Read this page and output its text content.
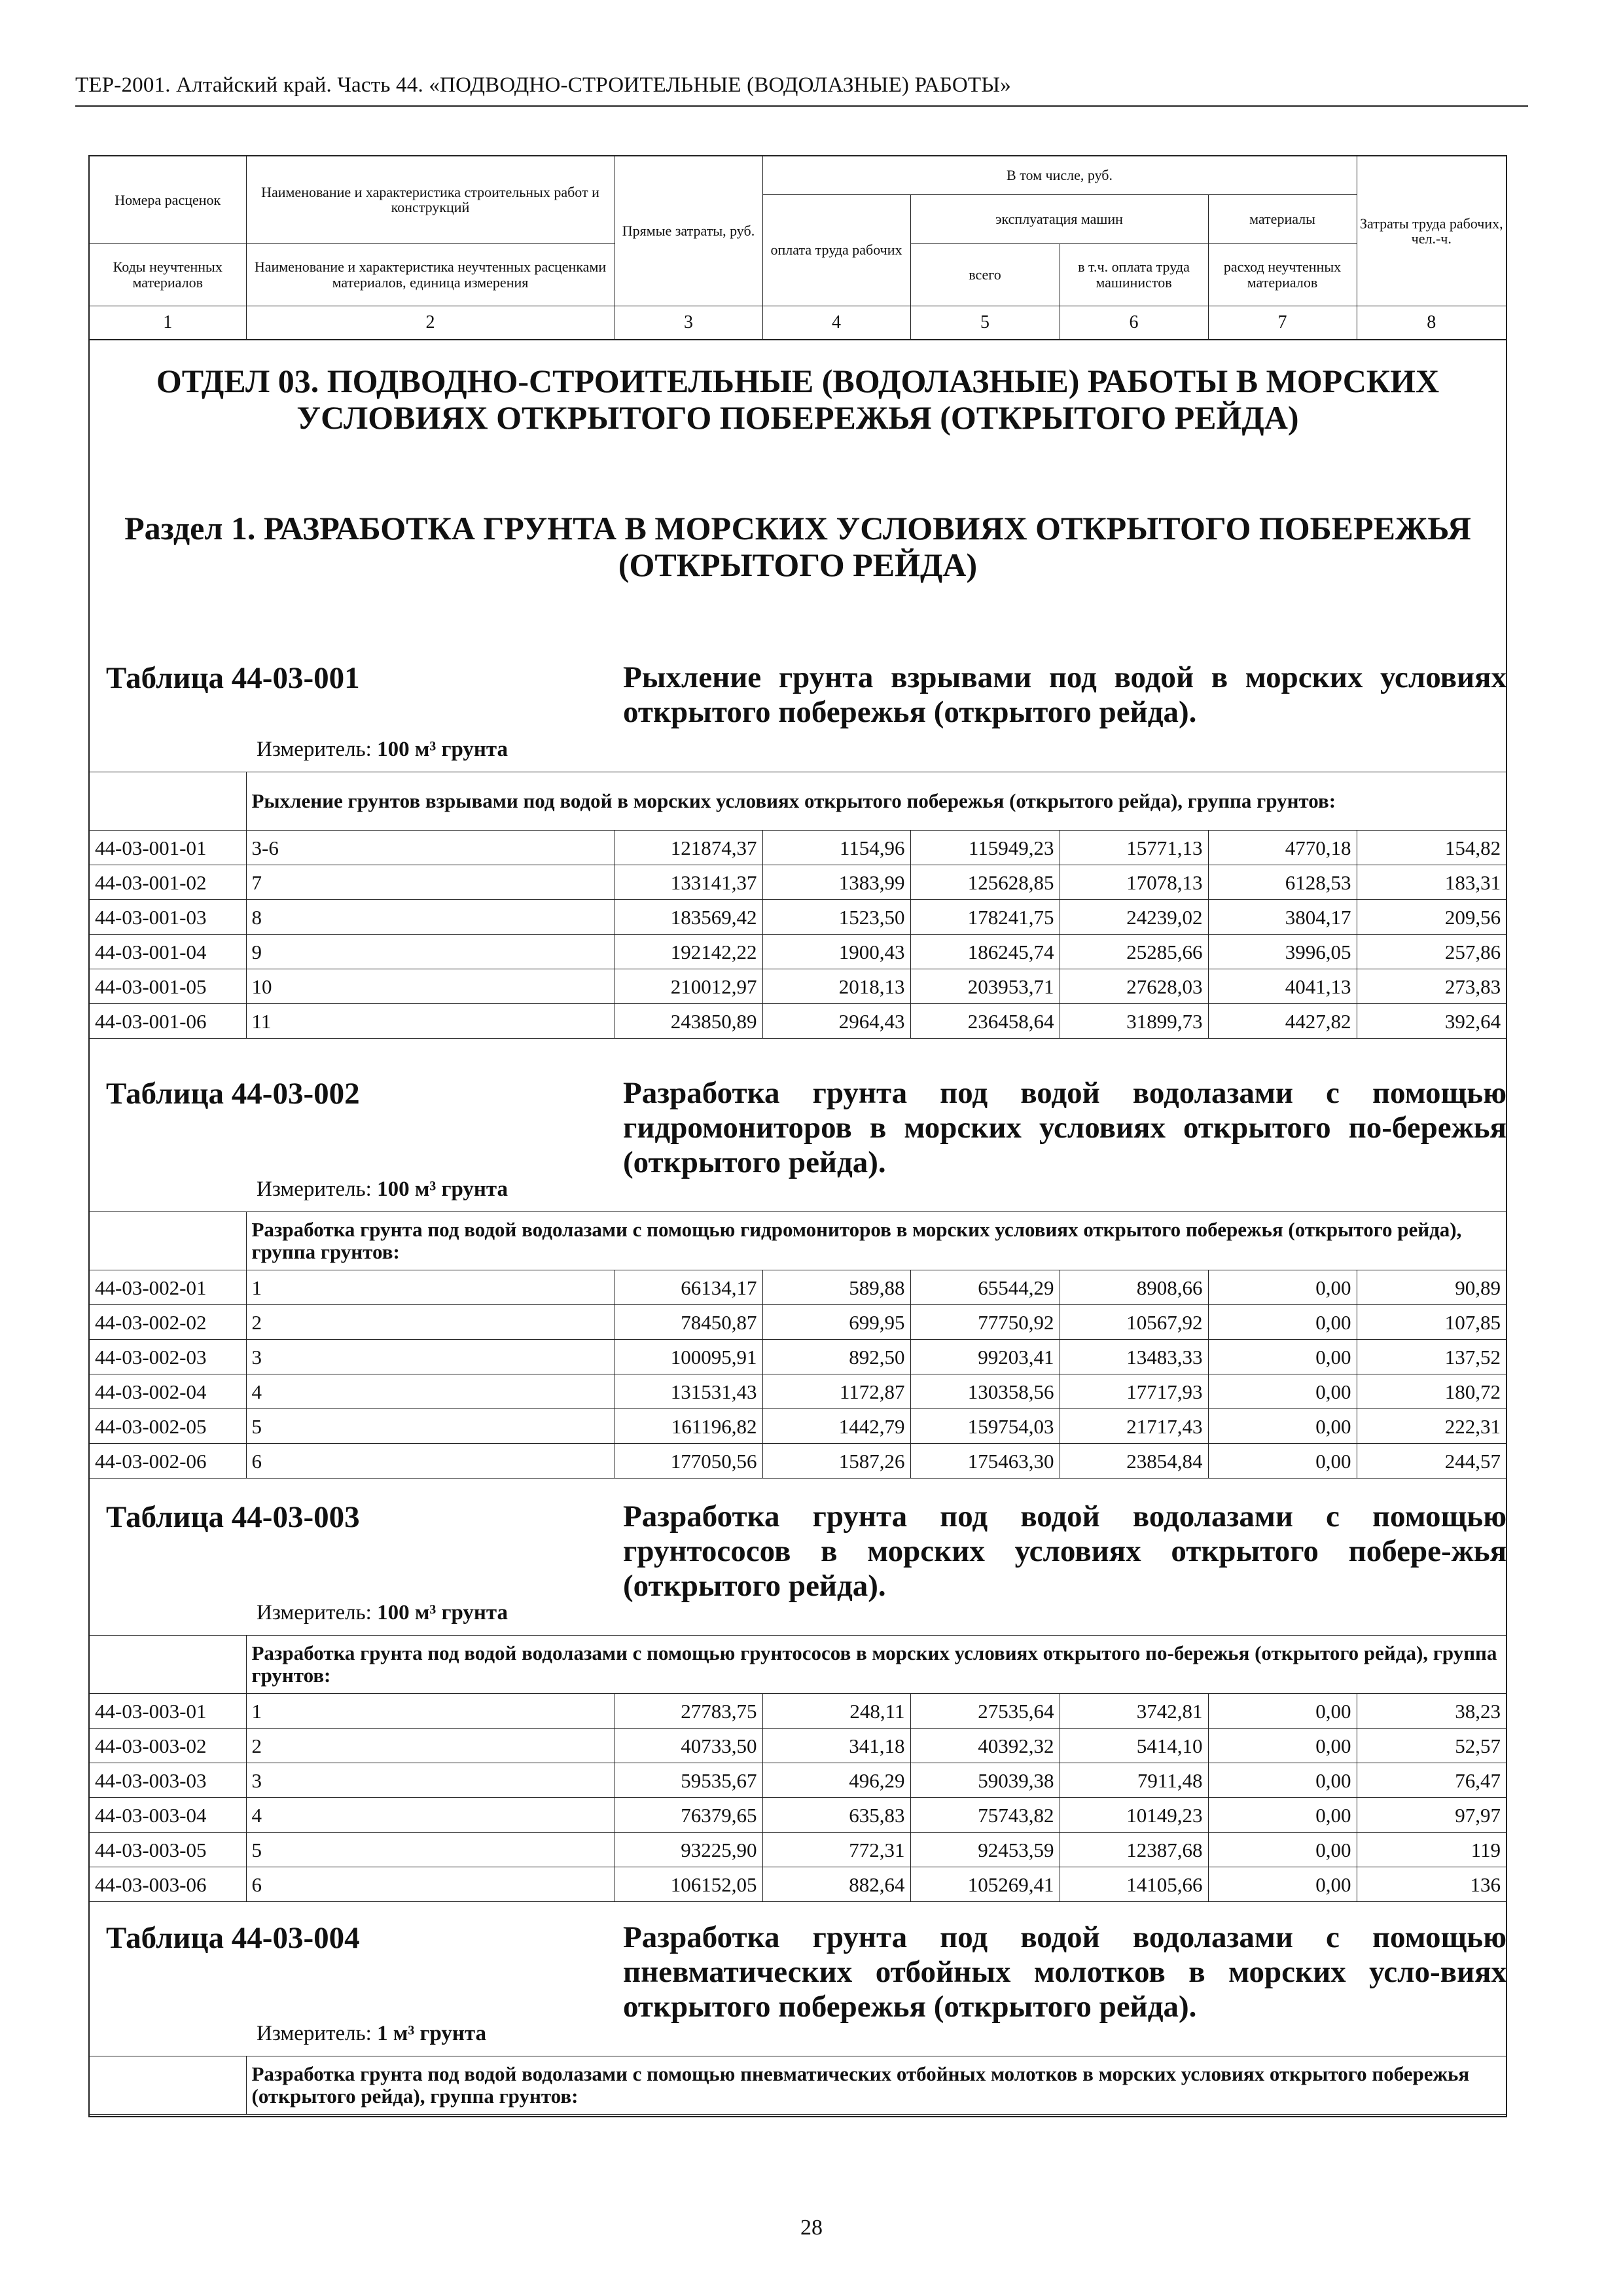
ТЕР-2001. Алтайский край. Часть 44. «ПОДВОДНО-СТРОИТЕЛЬНЫЕ (ВОДОЛАЗНЫЕ) РАБОТЫ»
Номера расценок	Наименование и характеристика строительных работ и конструкций	Прямые затраты, руб.	В том числе, руб.				Затраты труда рабочих, чел.-ч.
			оплата труда рабочих	эксплуатация машин		материалы	
Коды неучтенных материалов	Наименование и характеристика неучтенных расценками материалов, единица измерения			всего	в т.ч. оплата труда машинистов	расход неучтенных материалов	
1	2	3	4	5	6	7	8
ОТДЕЛ 03. ПОДВОДНО-СТРОИТЕЛЬНЫЕ (ВОДОЛАЗНЫЕ) РАБОТЫ В МОРСКИХ УСЛОВИЯХ ОТКРЫТОГО ПОБЕРЕЖЬЯ (ОТКРЫТОГО РЕЙДА)
Раздел 1. РАЗРАБОТКА ГРУНТА В МОРСКИХ УСЛОВИЯХ ОТКРЫТОГО ПОБЕРЕЖЬЯ (ОТКРЫТОГО РЕЙДА)
Таблица 44-03-001	Рыхление грунта взрывами под водой в морских условиях открытого побережья (открытого рейда).
Измеритель: 100 м³ грунта
	Рыхление грунтов взрывами под водой в морских условиях открытого побережья (открытого рейда), группа грунтов:						
44-03-001-01	3-6	121874,37	1154,96	115949,23	15771,13	4770,18	154,82
44-03-001-02	7	133141,37	1383,99	125628,85	17078,13	6128,53	183,31
44-03-001-03	8	183569,42	1523,50	178241,75	24239,02	3804,17	209,56
44-03-001-04	9	192142,22	1900,43	186245,74	25285,66	3996,05	257,86
44-03-001-05	10	210012,97	2018,13	203953,71	27628,03	4041,13	273,83
44-03-001-06	11	243850,89	2964,43	236458,64	31899,73	4427,82	392,64
Таблица 44-03-002	Разработка грунта под водой водолазами с помощью гидромониторов в морских условиях открытого по-бережья (открытого рейда).
Измеритель: 100 м³ грунта
	Разработка грунта под водой водолазами с помощью гидромониторов в морских условиях открытого побережья (открытого рейда), группа грунтов:						
44-03-002-01	1	66134,17	589,88	65544,29	8908,66	0,00	90,89
44-03-002-02	2	78450,87	699,95	77750,92	10567,92	0,00	107,85
44-03-002-03	3	100095,91	892,50	99203,41	13483,33	0,00	137,52
44-03-002-04	4	131531,43	1172,87	130358,56	17717,93	0,00	180,72
44-03-002-05	5	161196,82	1442,79	159754,03	21717,43	0,00	222,31
44-03-002-06	6	177050,56	1587,26	175463,30	23854,84	0,00	244,57
Таблица 44-03-003	Разработка грунта под водой водолазами с помощью грунтососов в морских условиях открытого побере-жья (открытого рейда).
Измеритель: 100 м³ грунта
	Разработка грунта под водой водолазами с помощью грунтососов в морских условиях открытого по-бережья (открытого рейда), группа грунтов:						
44-03-003-01	1	27783,75	248,11	27535,64	3742,81	0,00	38,23
44-03-003-02	2	40733,50	341,18	40392,32	5414,10	0,00	52,57
44-03-003-03	3	59535,67	496,29	59039,38	7911,48	0,00	76,47
44-03-003-04	4	76379,65	635,83	75743,82	10149,23	0,00	97,97
44-03-003-05	5	93225,90	772,31	92453,59	12387,68	0,00	119
44-03-003-06	6	106152,05	882,64	105269,41	14105,66	0,00	136
Таблица 44-03-004	Разработка грунта под водой водолазами с помощью пневматических отбойных молотков в морских усло-виях открытого побережья (открытого рейда).
Измеритель: 1 м³ грунта
	Разработка грунта под водой водолазами с помощью пневматических отбойных молотков в морских условиях открытого побережья (открытого рейда), группа грунтов:
28
